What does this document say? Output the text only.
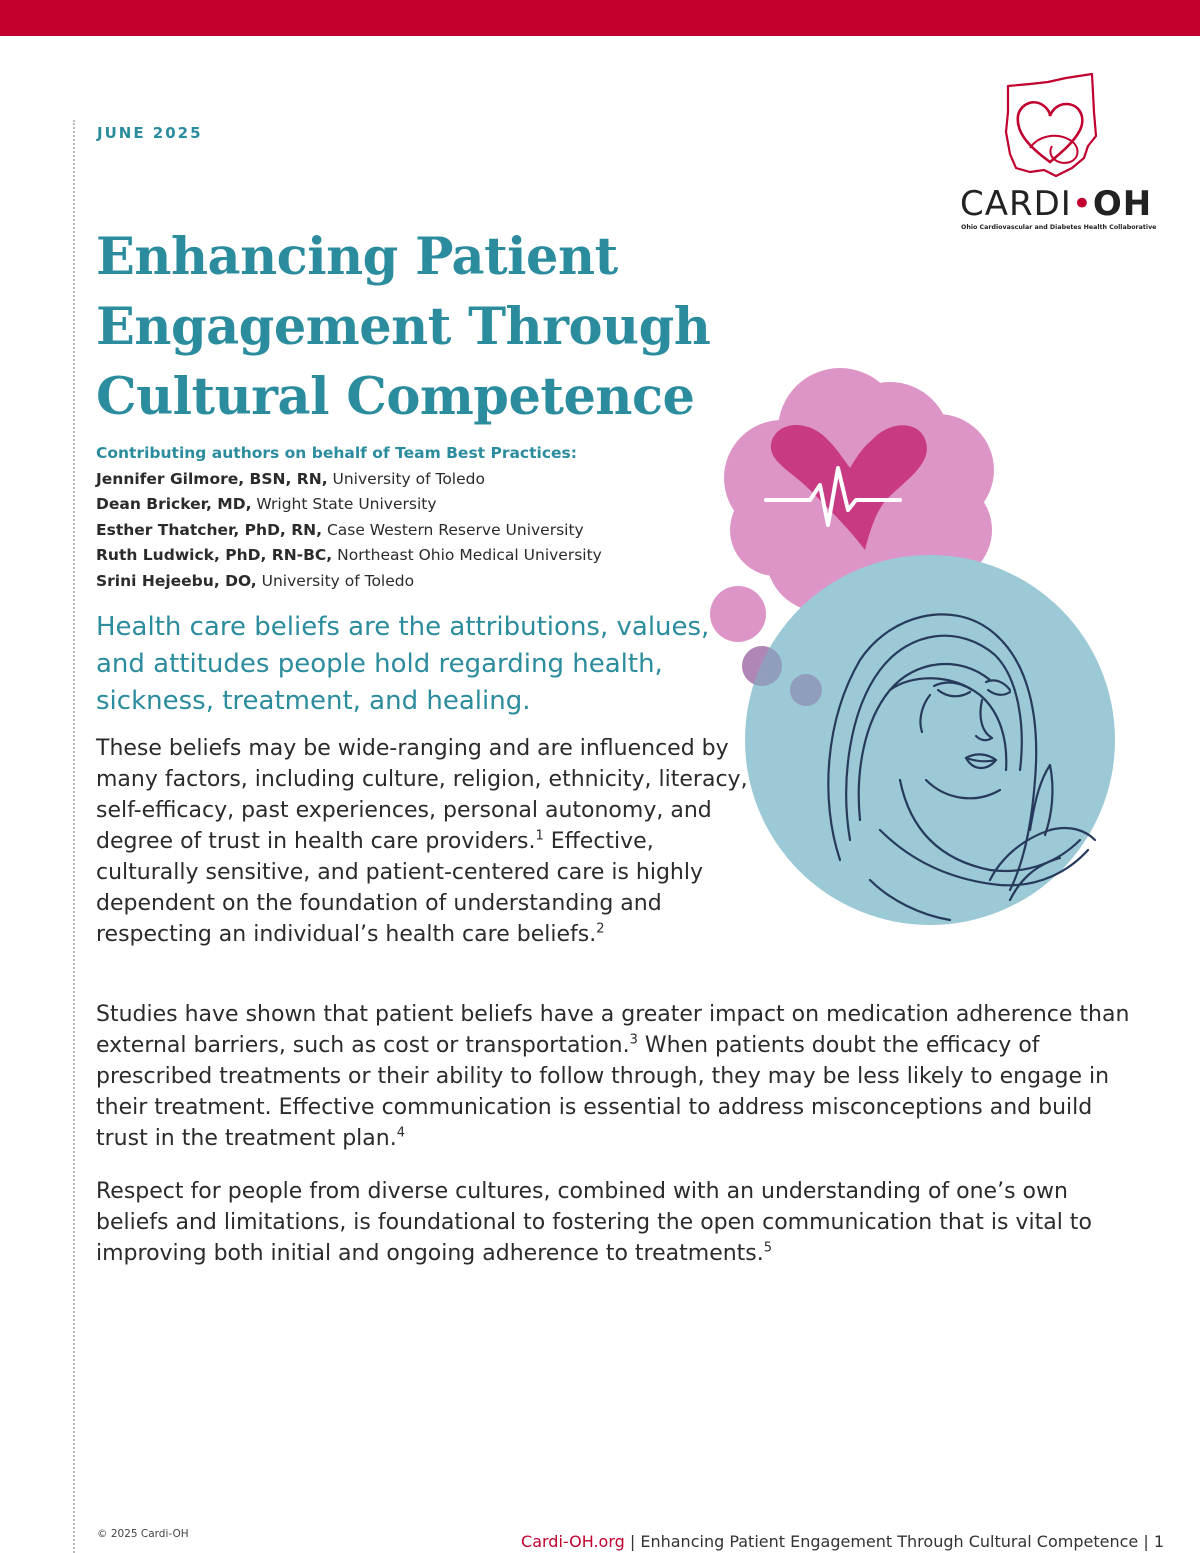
JUNE 2025
CARDI•OH
Ohio Cardiovascular and Diabetes Health Collaborative
Enhancing Patient
Engagement Through
Cultural Competence
Contributing authors on behalf of Team Best Practices:
Jennifer Gilmore, BSN, RN, University of Toledo
Dean Bricker, MD, Wright State University
Esther Thatcher, PhD, RN, Case Western Reserve University
Ruth Ludwick, PhD, RN-BC, Northeast Ohio Medical University
Srini Hejeebu, DO, University of Toledo
Health care beliefs are the attributions, values, and attitudes people hold regarding health, sickness, treatment, and healing.

These beliefs may be wide-ranging and are influenced by many factors, including culture, religion, ethnicity, literacy, self-efficacy, past experiences, personal autonomy, and degree of trust in health care providers.$^1$ Effective, culturally sensitive, and patient-centered care is highly dependent on the foundation of understanding and respecting an individual’s health care beliefs.$^2$

Studies have shown that patient beliefs have a greater impact on medication adherence than external barriers, such as cost or transportation.$^3$ When patients doubt the efficacy of prescribed treatments or their ability to follow through, they may be less likely to engage in their treatment. Effective communication is essential to address misconceptions and build trust in the treatment plan.$^4$

Respect for people from diverse cultures, combined with an understanding of one’s own beliefs and limitations, is foundational to fostering the open communication that is vital to improving both initial and ongoing adherence to treatments.$^5$

© 2025 Cardi-OH	Cardi-OH.org | Enhancing Patient Engagement Through Cultural Competence | 1
